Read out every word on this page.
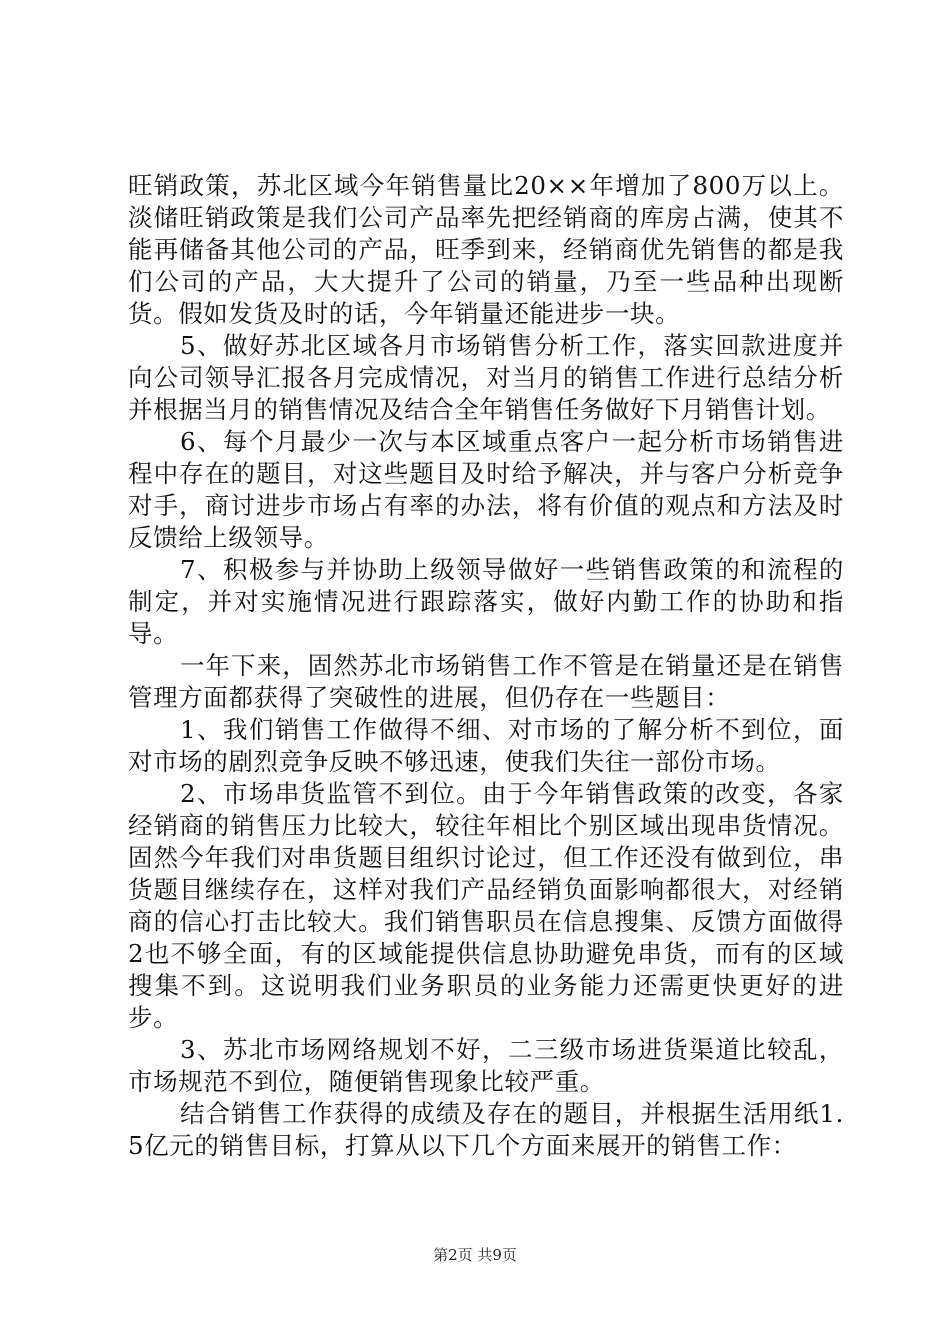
旺销政策，苏北区域今年销售量比20××年增加了800万以上。淡储旺销政策是我们公司产品率先把经销商的库房占满，使其不能再储备其他公司的产品，旺季到来，经销商优先销售的都是我们公司的产品，大大提升了公司的销量，乃至一些品种出现断货。假如发货及时的话，今年销量还能进步一块。

5、做好苏北区域各月市场销售分析工作，落实回款进度并向公司领导汇报各月完成情况，对当月的销售工作进行总结分析并根据当月的销售情况及结合全年销售任务做好下月销售计划。

6、每个月最少一次与本区域重点客户一起分析市场销售进程中存在的题目，对这些题目及时给予解决，并与客户分析竞争对手，商讨进步市场占有率的办法，将有价值的观点和方法及时反馈给上级领导。

7、积极参与并协助上级领导做好一些销售政策的和流程的制定，并对实施情况进行跟踪落实，做好内勤工作的协助和指导。

一年下来，固然苏北市场销售工作不管是在销量还是在销售管理方面都获得了突破性的进展，但仍存在一些题目：

1、我们销售工作做得不细、对市场的了解分析不到位，面对市场的剧烈竞争反映不够迅速，使我们失往一部份市场。

2、市场串货监管不到位。由于今年销售政策的改变，各家经销商的销售压力比较大，较往年相比个别区域出现串货情况。固然今年我们对串货题目组织讨论过，但工作还没有做到位，串货题目继续存在，这样对我们产品经销负面影响都很大，对经销商的信心打击比较大。我们销售职员在信息搜集、反馈方面做得2也不够全面，有的区域能提供信息协助避免串货，而有的区域搜集不到。这说明我们业务职员的业务能力还需更快更好的进步。

3、苏北市场网络规划不好，二三级市场进货渠道比较乱，市场规范不到位，随便销售现象比较严重。

结合销售工作获得的成绩及存在的题目，并根据生活用纸1.5亿元的销售目标，打算从以下几个方面来展开的销售工作：

第2页 共9页
